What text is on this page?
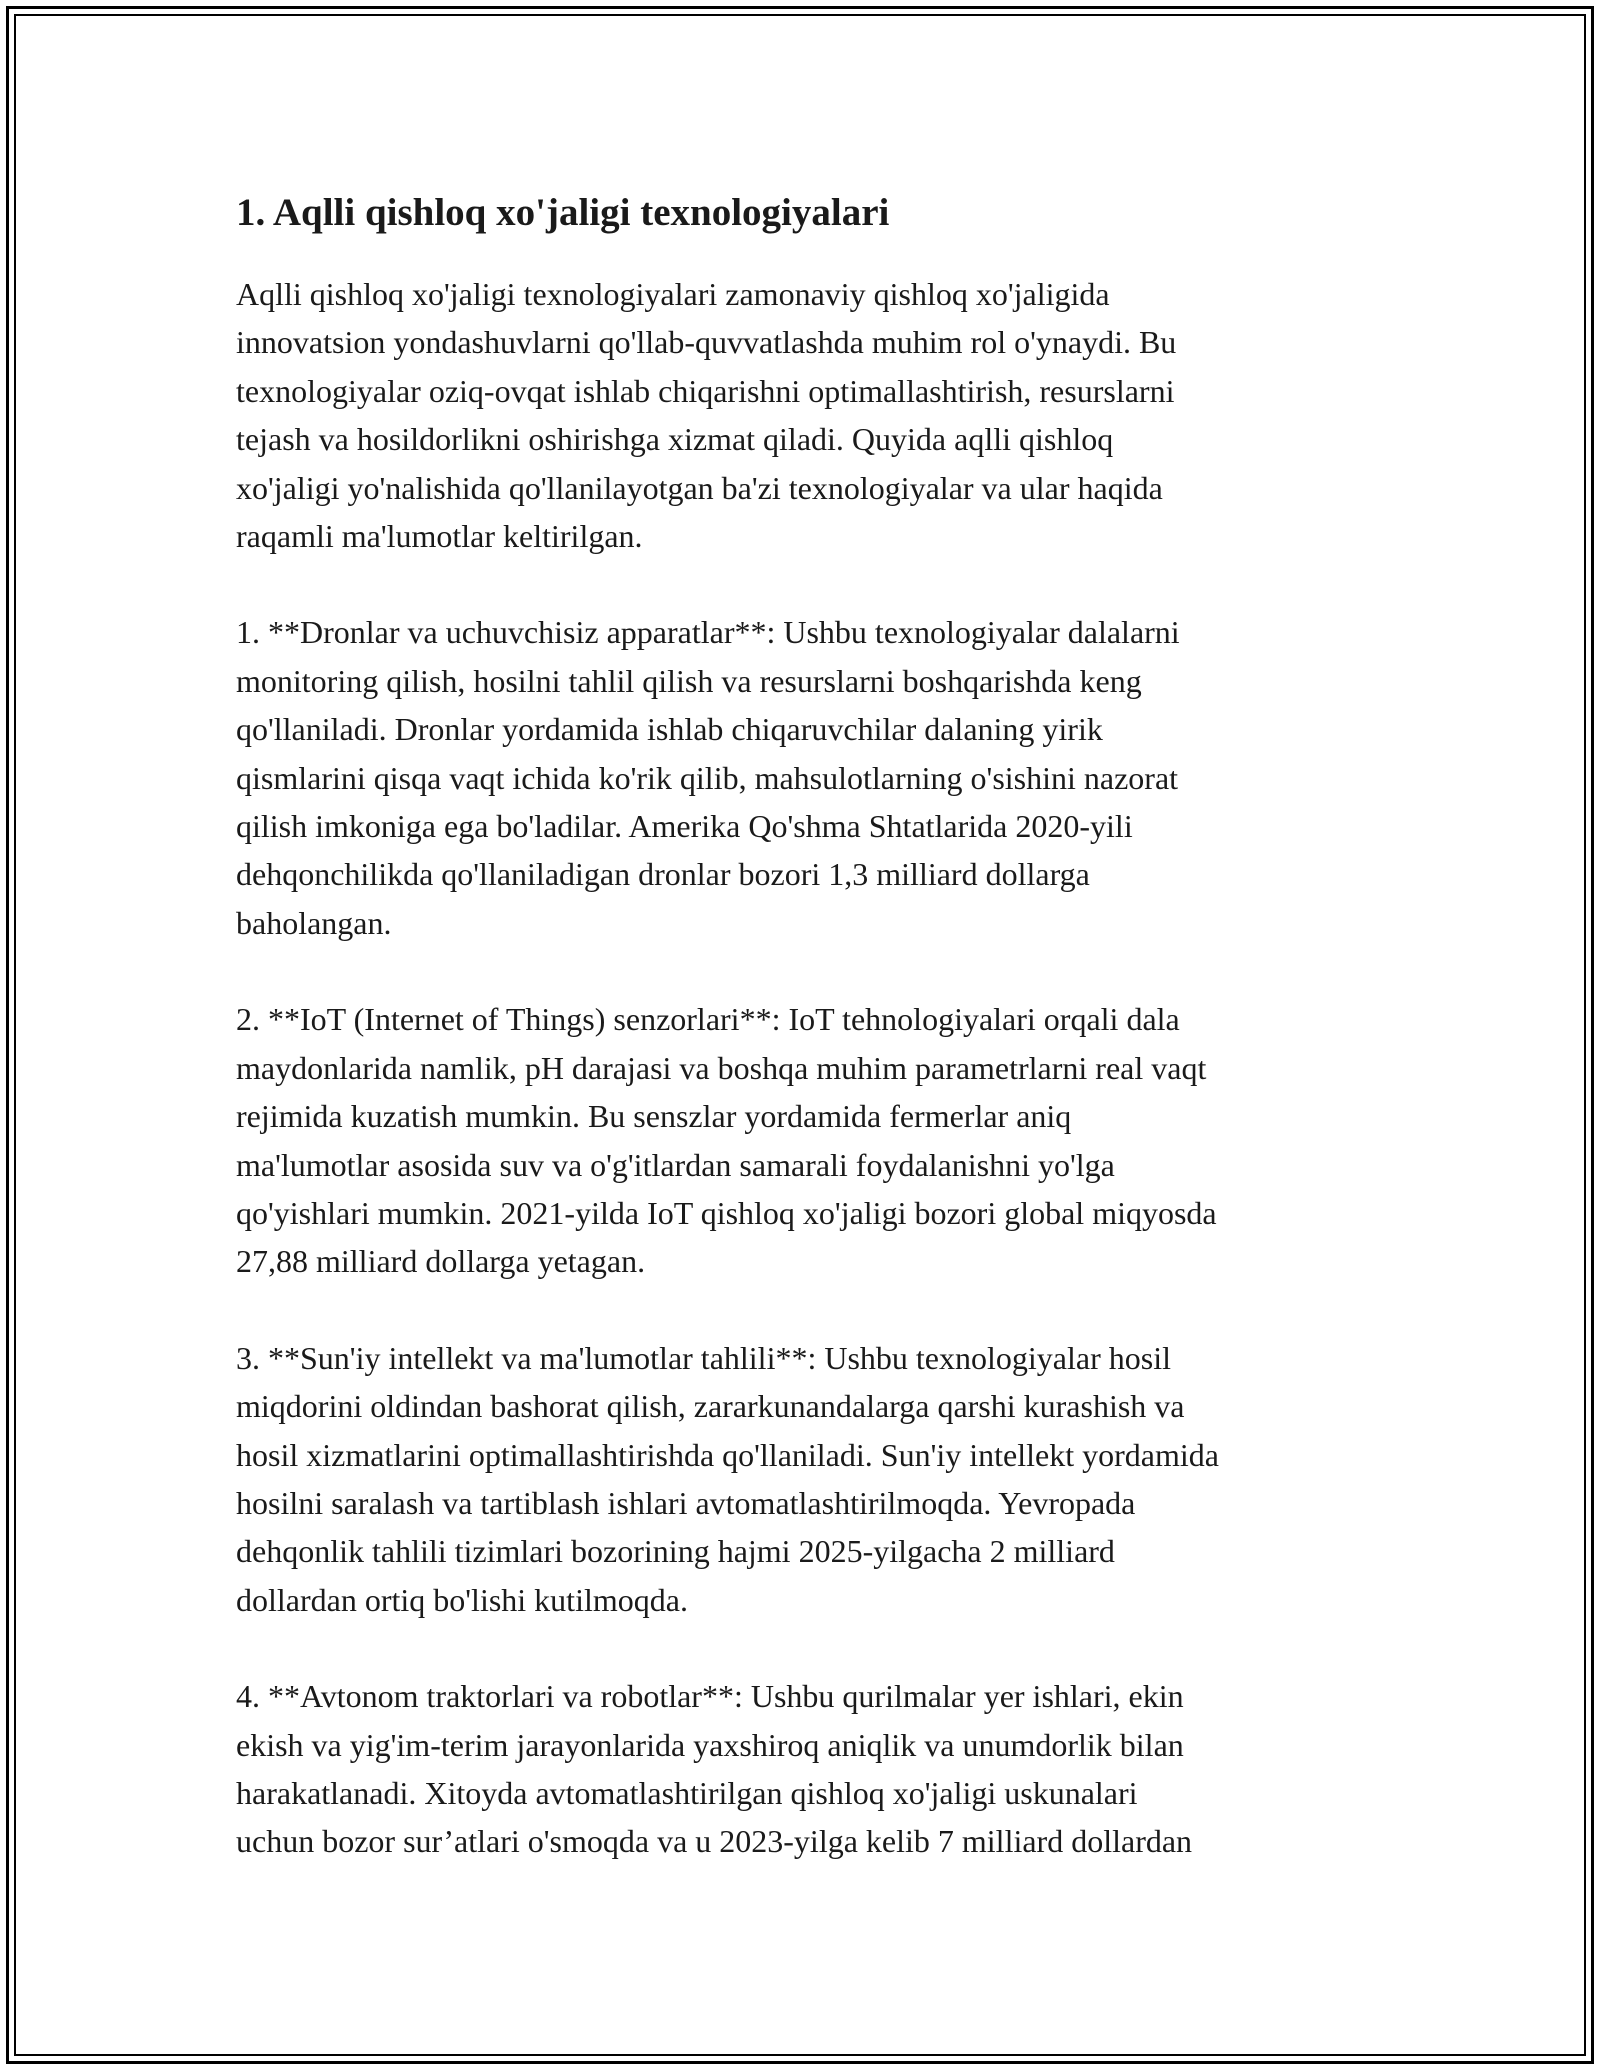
1. Aqlli qishloq xo'jaligi texnologiyalari

Aqlli qishloq xo'jaligi texnologiyalari zamonaviy qishloq xo'jaligida
innovatsion yondashuvlarni qo'llab-quvvatlashda muhim rol o'ynaydi. Bu
texnologiyalar oziq-ovqat ishlab chiqarishni optimallashtirish, resurslarni
tejash va hosildorlikni oshirishga xizmat qiladi. Quyida aqlli qishloq
xo'jaligi yo'nalishida qo'llanilayotgan ba'zi texnologiyalar va ular haqida
raqamli ma'lumotlar keltirilgan.

1. **Dronlar va uchuvchisiz apparatlar**: Ushbu texnologiyalar dalalarni
monitoring qilish, hosilni tahlil qilish va resurslarni boshqarishda keng
qo'llaniladi. Dronlar yordamida ishlab chiqaruvchilar dalaning yirik
qismlarini qisqa vaqt ichida ko'rik qilib, mahsulotlarning o'sishini nazorat
qilish imkoniga ega bo'ladilar. Amerika Qo'shma Shtatlarida 2020-yili
dehqonchilikda qo'llaniladigan dronlar bozori 1,3 milliard dollarga
baholangan.

2. **IoT (Internet of Things) senzorlari**: IoT tehnologiyalari orqali dala
maydonlarida namlik, pH darajasi va boshqa muhim parametrlarni real vaqt
rejimida kuzatish mumkin. Bu senszlar yordamida fermerlar aniq
ma'lumotlar asosida suv va o'g'itlardan samarali foydalanishni yo'lga
qo'yishlari mumkin. 2021-yilda IoT qishloq xo'jaligi bozori global miqyosda
27,88 milliard dollarga yetagan.

3. **Sun'iy intellekt va ma'lumotlar tahlili**: Ushbu texnologiyalar hosil
miqdorini oldindan bashorat qilish, zararkunandalarga qarshi kurashish va
hosil xizmatlarini optimallashtirishda qo'llaniladi. Sun'iy intellekt yordamida
hosilni saralash va tartiblash ishlari avtomatlashtirilmoqda. Yevropada
dehqonlik tahlili tizimlari bozorining hajmi 2025-yilgacha 2 milliard
dollardan ortiq bo'lishi kutilmoqda.

4. **Avtonom traktorlari va robotlar**: Ushbu qurilmalar yer ishlari, ekin
ekish va yig'im-terim jarayonlarida yaxshiroq aniqlik va unumdorlik bilan
harakatlanadi. Xitoyda avtomatlashtirilgan qishloq xo'jaligi uskunalari
uchun bozor sur’atlari o'smoqda va u 2023-yilga kelib 7 milliard dollardan
